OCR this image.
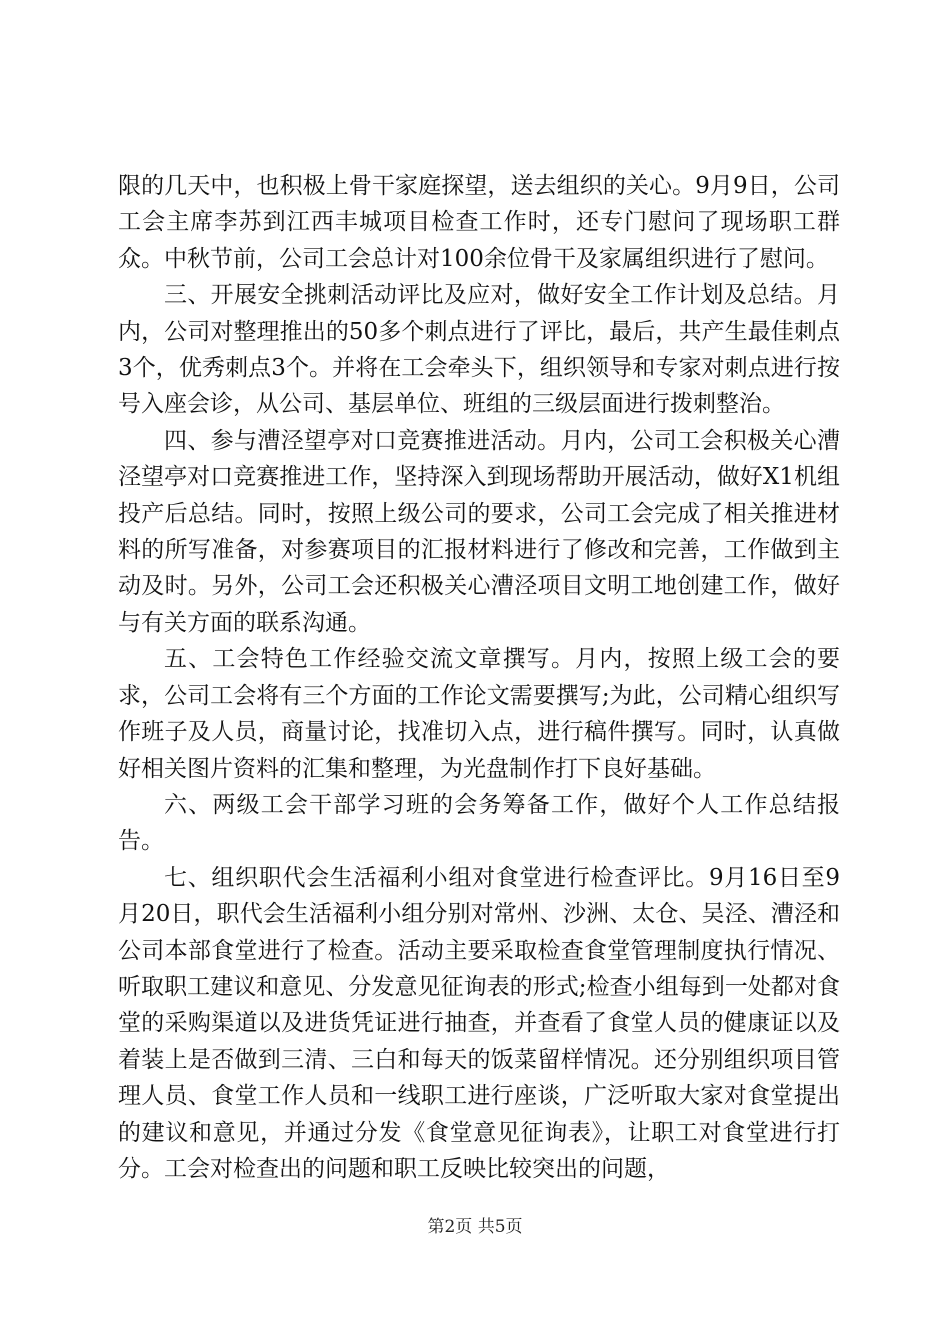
限的几天中，也积极上骨干家庭探望，送去组织的关心。9月9日，公司工会主席李苏到江西丰城项目检查工作时，还专门慰问了现场职工群众。中秋节前，公司工会总计对100余位骨干及家属组织进行了慰问。

三、开展安全挑刺活动评比及应对，做好安全工作计划及总结。月内，公司对整理推出的50多个刺点进行了评比，最后，共产生最佳刺点3个，优秀刺点3个。并将在工会牵头下，组织领导和专家对刺点进行按号入座会诊，从公司、基层单位、班组的三级层面进行拨刺整治。

四、参与漕泾望亭对口竞赛推进活动。月内，公司工会积极关心漕泾望亭对口竞赛推进工作，坚持深入到现场帮助开展活动，做好X1机组投产后总结。同时，按照上级公司的要求，公司工会完成了相关推进材料的所写准备，对参赛项目的汇报材料进行了修改和完善，工作做到主动及时。另外，公司工会还积极关心漕泾项目文明工地创建工作，做好与有关方面的联系沟通。

五、工会特色工作经验交流文章撰写。月内，按照上级工会的要求，公司工会将有三个方面的工作论文需要撰写;为此，公司精心组织写作班子及人员，商量讨论，找准切入点，进行稿件撰写。同时，认真做好相关图片资料的汇集和整理，为光盘制作打下良好基础。

六、两级工会干部学习班的会务筹备工作，做好个人工作总结报告。

七、组织职代会生活福利小组对食堂进行检查评比。9月16日至9月20日，职代会生活福利小组分别对常州、沙洲、太仓、吴泾、漕泾和公司本部食堂进行了检查。活动主要采取检查食堂管理制度执行情况、听取职工建议和意见、分发意见征询表的形式;检查小组每到一处都对食堂的采购渠道以及进货凭证进行抽查，并查看了食堂人员的健康证以及着装上是否做到三清、三白和每天的饭菜留样情况。还分别组织项目管理人员、食堂工作人员和一线职工进行座谈，广泛听取大家对食堂提出的建议和意见，并通过分发《食堂意见征询表》，让职工对食堂进行打分。工会对检查出的问题和职工反映比较突出的问题，

第2页 共5页
